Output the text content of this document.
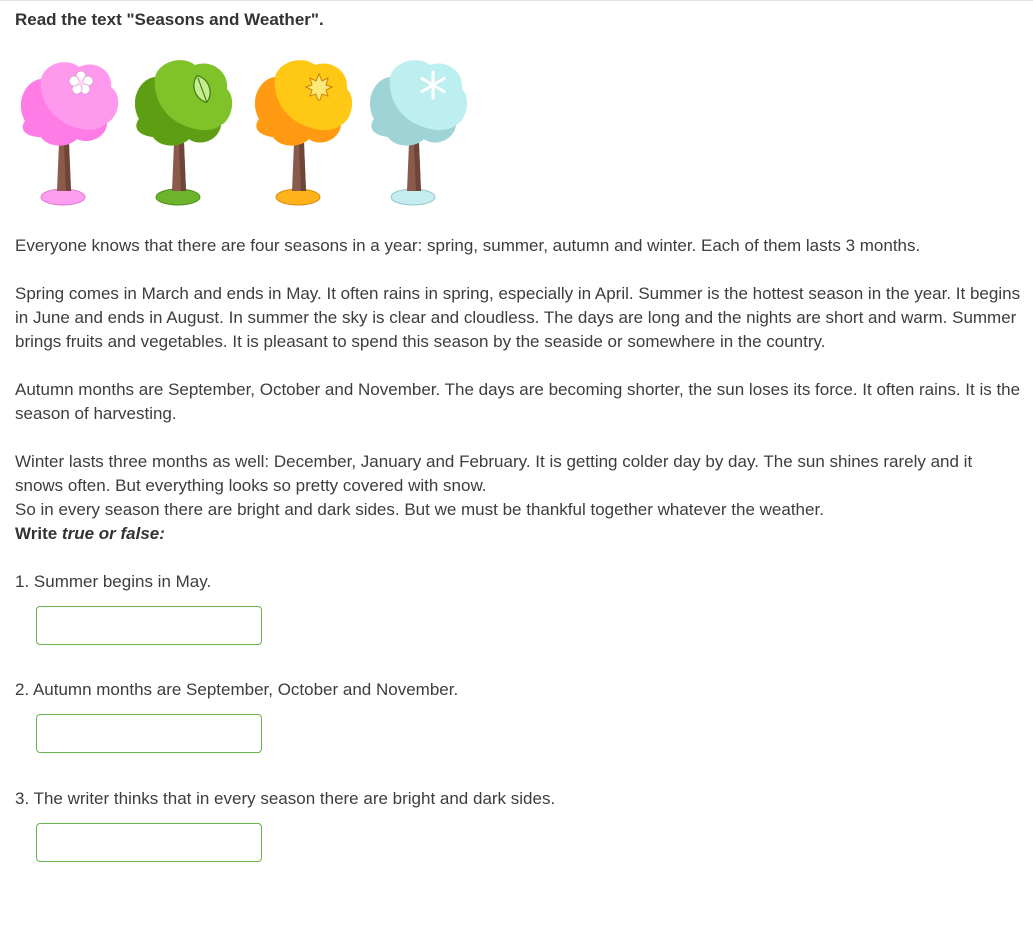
Read the text "Seasons and Weather".

Everyone knows that there are four seasons in a year: spring, summer, autumn and winter. Each of them lasts 3 months.

Spring comes in March and ends in May. It often rains in spring, especially in April. Summer is the hottest season in the year. It begins in June and ends in August. In summer the sky is clear and cloudless. The days are long and the nights are short and warm. Summer brings fruits and vegetables. It is pleasant to spend this season by the seaside or somewhere in the country.

Autumn months are September, October and November. The days are becoming shorter, the sun loses its force. It often rains. It is the season of harvesting.

Winter lasts three months as well: December, January and February. It is getting colder day by day. The sun shines rarely and it snows often. But everything looks so pretty covered with snow.

So in every season there are bright and dark sides. But we must be thankful together whatever the weather.

Write true or false:

1. Summer begins in May.

2. Autumn months are September, October and November.

3. The writer thinks that in every season there are bright and dark sides.
